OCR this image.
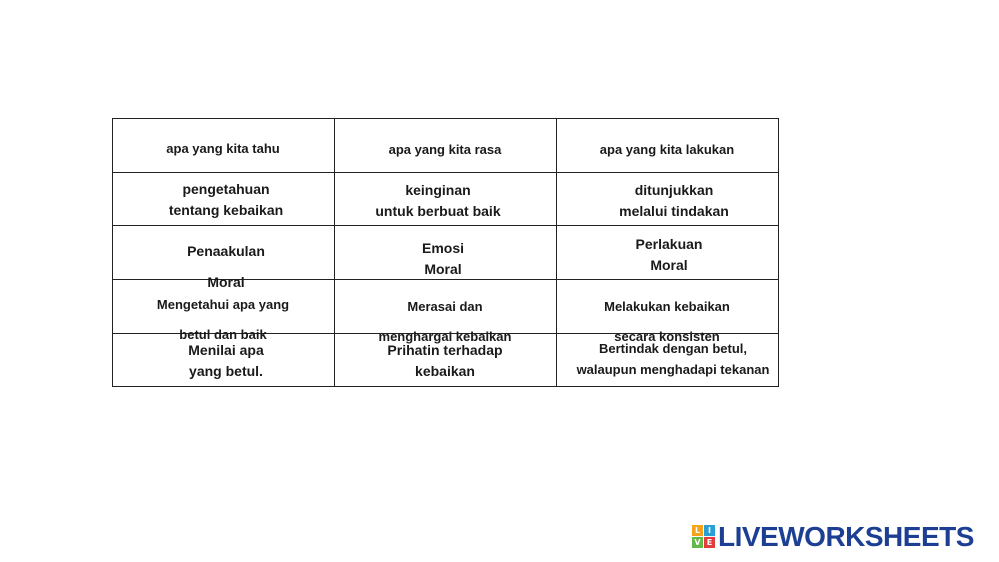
apa yang kita tahu	apa yang kita rasa	apa yang kita lakukan
pengetahuan
tentang kebaikan
keinginan
untuk berbuat baik
ditunjukkan
melalui tindakan
Penaakulan
Moral
Emosi
Moral
Perlakuan
Moral
Mengetahui apa yang
betul dan baik
Merasai dan
menghargai kebaikan
Melakukan kebaikan
secara konsisten
Menilai apa
yang betul.
Prihatin terhadap
kebaikan
Bertindak dengan betul,
walaupun menghadapi tekanan
L I
V E LIVEWORKSHEETS
